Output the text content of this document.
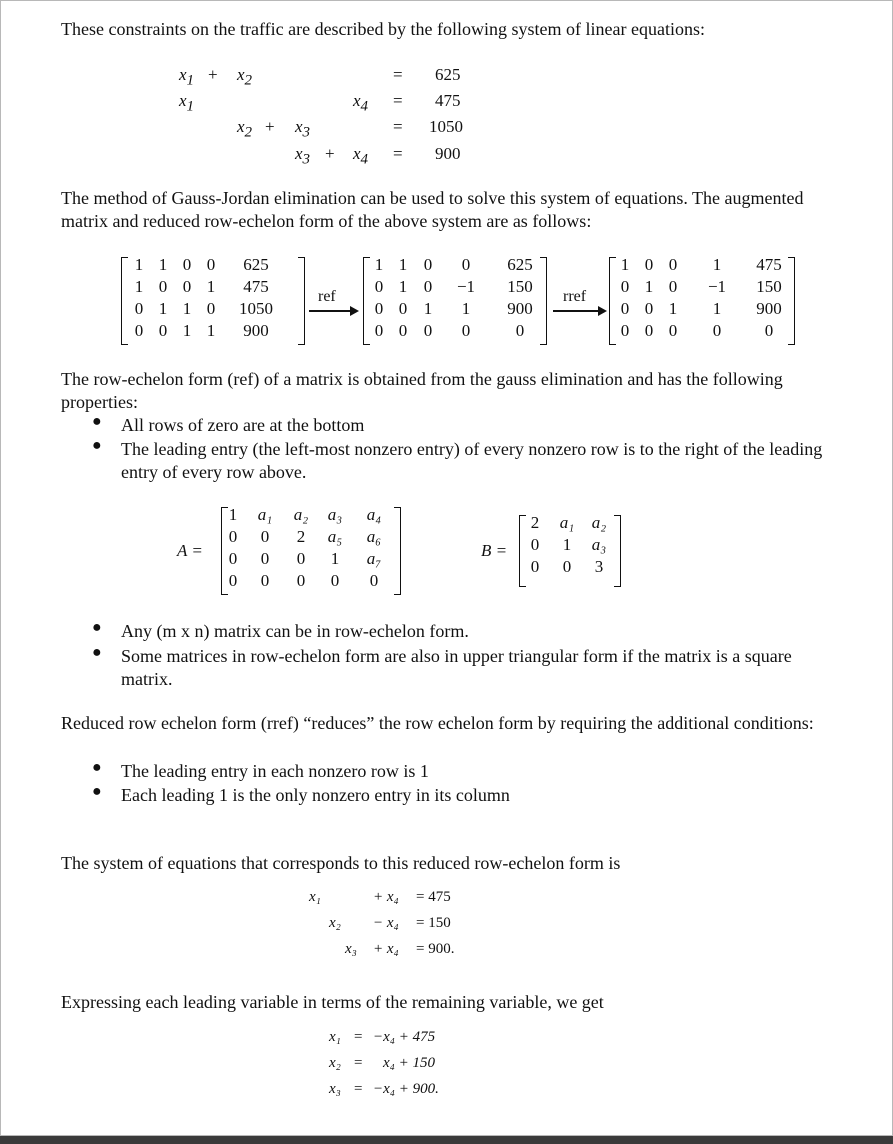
These constraints on the traffic are described by the following system of linear equations:
$x_1 + x_2$	= 625
$x_1$	$x_4 = 475$
$x_2 + x_3$	= 1050
$x_3 + x_4 = 900$
The method of Gauss-Jordan elimination can be used to solve this system of equations. The augmented matrix and reduced row-echelon form of the above system are as follows:
1 1 0 0	625
1 0 0 1	475
0 1 1 0	1050
0 0 1 1	900
ref
1 1 0	0	625
0 1 0	−1	150
0 0 1	1	900
0 0 0	0	0
rref
1 0 0	1	475
0 1 0	−1	150
0 0 1	1	900
0 0 0	0	0
The row-echelon form (ref) of a matrix is obtained from the gauss elimination and has the following properties:
● All rows of zero are at the bottom
● The leading entry (the left-most nonzero entry) of every nonzero row is to the right of the leading entry of every row above.
A =
1	a₁	a₂	a₃	a₄
0	0	2	a₅	a₆
0	0	0	1	a₇
0	0	0	0	0
B =
2	a₁	a₂
0	1	a₃
0	0	3
● Any (m x n) matrix can be in row-echelon form.
● Some matrices in row-echelon form are also in upper triangular form if the matrix is a square matrix.
Reduced row echelon form (rref) “reduces” the row echelon form by requiring the additional conditions:
● The leading entry in each nonzero row is 1
● Each leading 1 is the only nonzero entry in its column
The system of equations that corresponds to this reduced row-echelon form is
x₁	+ x₄ = 475
x₂ − x₄ = 150
x₃ + x₄ = 900.
Expressing each leading variable in terms of the remaining variable, we get
x₁ = −x₄ + 475
x₂ = x₄ + 150
x₃ = −x₄ + 900.
